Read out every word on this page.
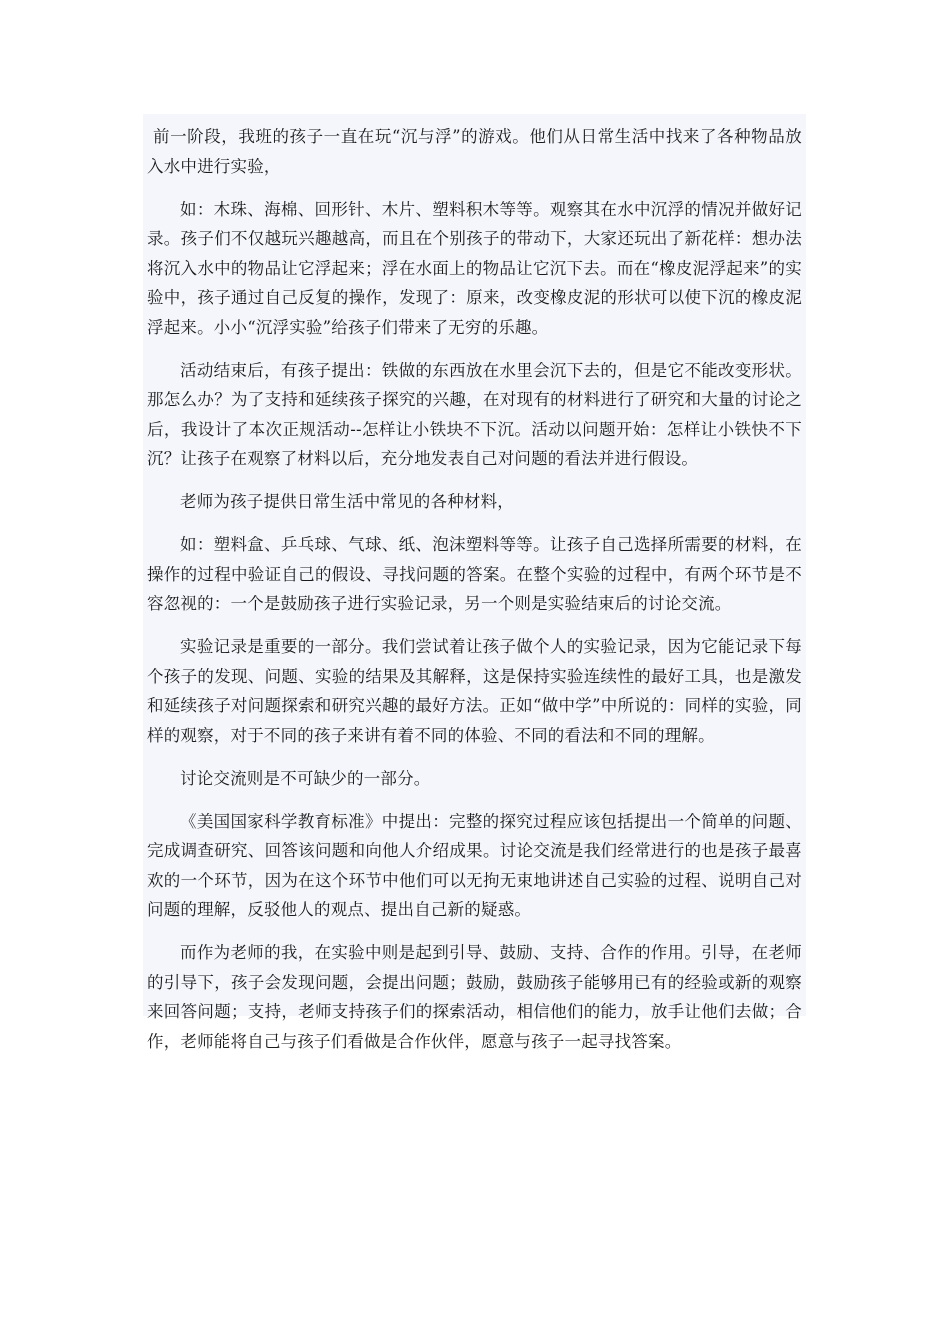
前一阶段，我班的孩子一直在玩“沉与浮”的游戏。他们从日常生活中找来了各种物品放入水中进行实验，

如：木珠、海棉、回形针、木片、塑料积木等等。观察其在水中沉浮的情况并做好记录。孩子们不仅越玩兴趣越高，而且在个别孩子的带动下，大家还玩出了新花样：想办法将沉入水中的物品让它浮起来；浮在水面上的物品让它沉下去。而在“橡皮泥浮起来”的实验中，孩子通过自己反复的操作，发现了：原来，改变橡皮泥的形状可以使下沉的橡皮泥浮起来。小小“沉浮实验”给孩子们带来了无穷的乐趣。

活动结束后，有孩子提出：铁做的东西放在水里会沉下去的，但是它不能改变形状。那怎么办？为了支持和延续孩子探究的兴趣，在对现有的材料进行了研究和大量的讨论之后，我设计了本次正规活动--怎样让小铁块不下沉。活动以问题开始：怎样让小铁快不下沉？让孩子在观察了材料以后，充分地发表自己对问题的看法并进行假设。

老师为孩子提供日常生活中常见的各种材料，

如：塑料盒、乒乓球、气球、纸、泡沫塑料等等。让孩子自己选择所需要的材料，在操作的过程中验证自己的假设、寻找问题的答案。在整个实验的过程中，有两个环节是不容忽视的：一个是鼓励孩子进行实验记录，另一个则是实验结束后的讨论交流。

实验记录是重要的一部分。我们尝试着让孩子做个人的实验记录，因为它能记录下每个孩子的发现、问题、实验的结果及其解释，这是保持实验连续性的最好工具，也是激发和延续孩子对问题探索和研究兴趣的最好方法。正如“做中学”中所说的：同样的实验，同样的观察，对于不同的孩子来讲有着不同的体验、不同的看法和不同的理解。

讨论交流则是不可缺少的一部分。

《美国国家科学教育标准》中提出：完整的探究过程应该包括提出一个简单的问题、完成调查研究、回答该问题和向他人介绍成果。讨论交流是我们经常进行的也是孩子最喜欢的一个环节，因为在这个环节中他们可以无拘无束地讲述自己实验的过程、说明自己对问题的理解，反驳他人的观点、提出自己新的疑惑。

而作为老师的我，在实验中则是起到引导、鼓励、支持、合作的作用。引导，在老师的引导下，孩子会发现问题，会提出问题；鼓励，鼓励孩子能够用已有的经验或新的观察来回答问题；支持，老师支持孩子们的探索活动，相信他们的能力，放手让他们去做；合作，老师能将自己与孩子们看做是合作伙伴，愿意与孩子一起寻找答案。
